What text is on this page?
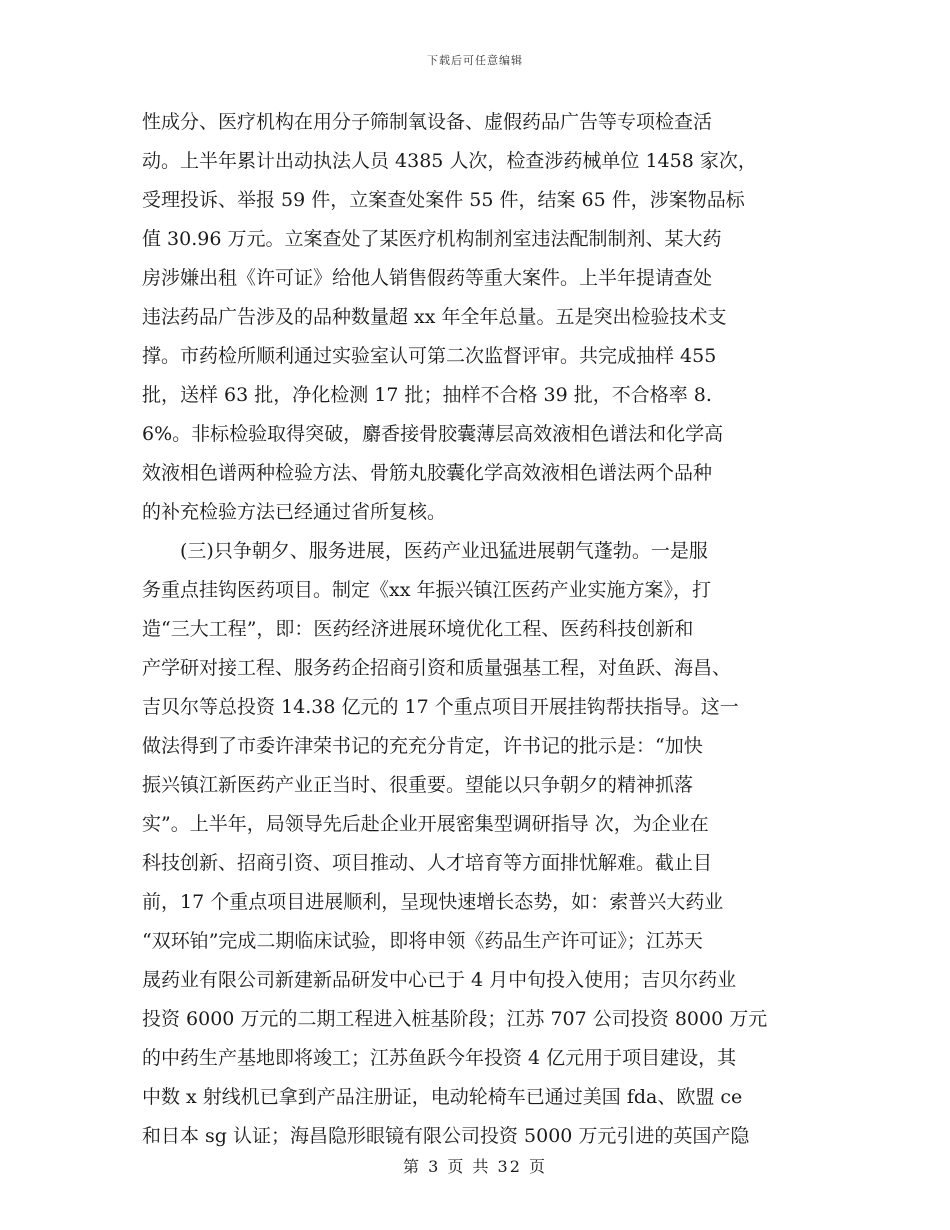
下载后可任意编辑
性成分、医疗机构在用分子筛制氧设备、虚假药品广告等专项检查活
动。上半年累计出动执法人员 4385 人次，检查涉药械单位 1458 家次，
受理投诉、举报 59 件，立案查处案件 55 件，结案 65 件，涉案物品标
值 30.96 万元。立案查处了某医疗机构制剂室违法配制制剂、某大药
房涉嫌出租《许可证》给他人销售假药等重大案件。上半年提请查处
违法药品广告涉及的品种数量超 xx 年全年总量。五是突出检验技术支
撑。市药检所顺利通过实验室认可第二次监督评审。共完成抽样 455
批，送样 63 批，净化检测 17 批；抽样不合格 39 批，不合格率 8.
6%。非标检验取得突破，麝香接骨胶囊薄层高效液相色谱法和化学高
效液相色谱两种检验方法、骨筋丸胶囊化学高效液相色谱法两个品种
的补充检验方法已经通过省所复核。
(三)只争朝夕、服务进展，医药产业迅猛进展朝气蓬勃。一是服
务重点挂钩医药项目。制定《xx 年振兴镇江医药产业实施方案》，打
造“三大工程”，即：医药经济进展环境优化工程、医药科技创新和
产学研对接工程、服务药企招商引资和质量强基工程，对鱼跃、海昌、
吉贝尔等总投资 14.38 亿元的 17 个重点项目开展挂钩帮扶指导。这一
做法得到了市委许津荣书记的充充分肯定，许书记的批示是：“加快
振兴镇江新医药产业正当时、很重要。望能以只争朝夕的精神抓落
实”。上半年，局领导先后赴企业开展密集型调研指导 次，为企业在
科技创新、招商引资、项目推动、人才培育等方面排忧解难。截止目
前，17 个重点项目进展顺利，呈现快速增长态势，如：索普兴大药业
“双环铂”完成二期临床试验，即将申领《药品生产许可证》；江苏天
晟药业有限公司新建新品研发中心已于 4 月中旬投入使用；吉贝尔药业
投资 6000 万元的二期工程进入桩基阶段；江苏 707 公司投资 8000 万元
的中药生产基地即将竣工；江苏鱼跃今年投资 4 亿元用于项目建设，其
中数 x 射线机已拿到产品注册证，电动轮椅车已通过美国 fda、欧盟 ce
和日本 sg 认证；海昌隐形眼镜有限公司投资 5000 万元引进的英国产隐
第 3 页 共 32 页
